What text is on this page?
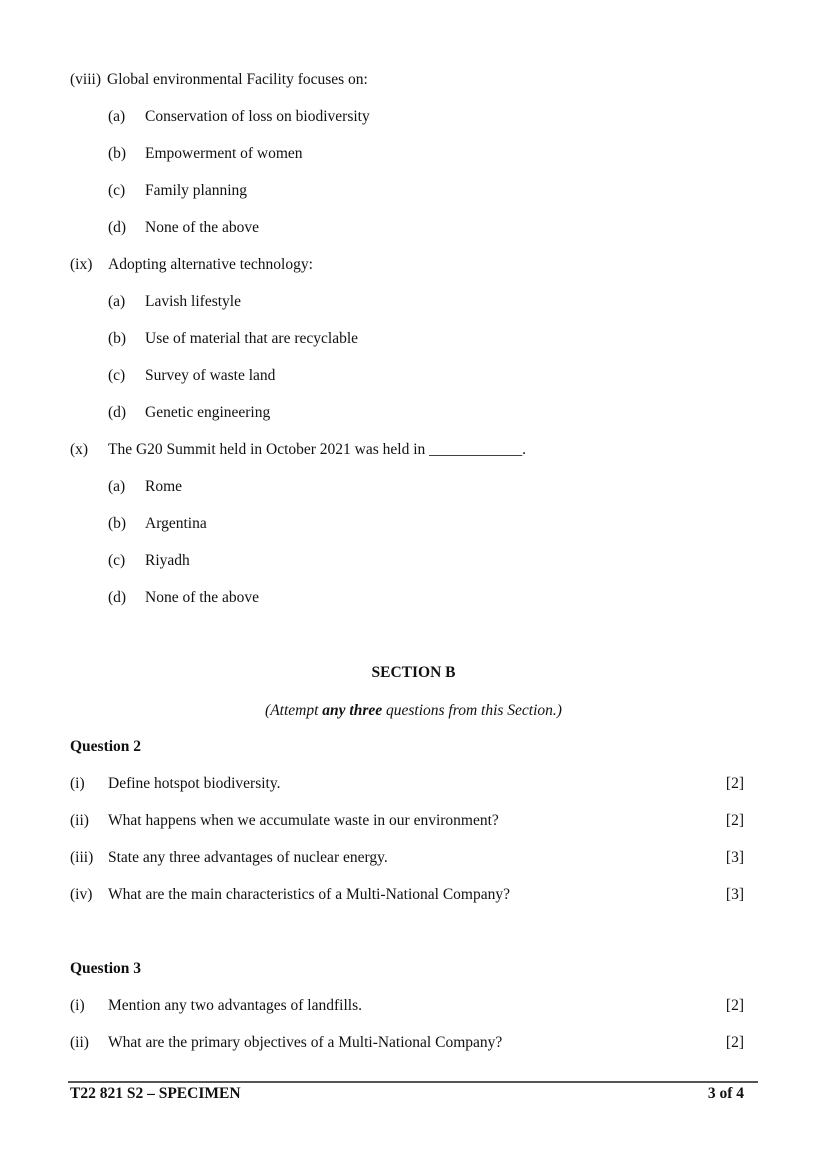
(viii) Global environmental Facility focuses on:
(a) Conservation of loss on biodiversity
(b) Empowerment of women
(c) Family planning
(d) None of the above
(ix) Adopting alternative technology:
(a) Lavish lifestyle
(b) Use of material that are recyclable
(c) Survey of waste land
(d) Genetic engineering
(x) The G20 Summit held in October 2021 was held in ____________.
(a) Rome
(b) Argentina
(c) Riyadh
(d) None of the above
SECTION B
(Attempt any three questions from this Section.)
Question 2
(i) Define hotspot biodiversity.	[2]
(ii) What happens when we accumulate waste in our environment?	[2]
(iii) State any three advantages of nuclear energy.	[3]
(iv) What are the main characteristics of a Multi-National Company?	[3]
Question 3
(i) Mention any two advantages of landfills.	[2]
(ii) What are the primary objectives of a Multi-National Company?	[2]
T22 821 S2 – SPECIMEN	3 of 4
